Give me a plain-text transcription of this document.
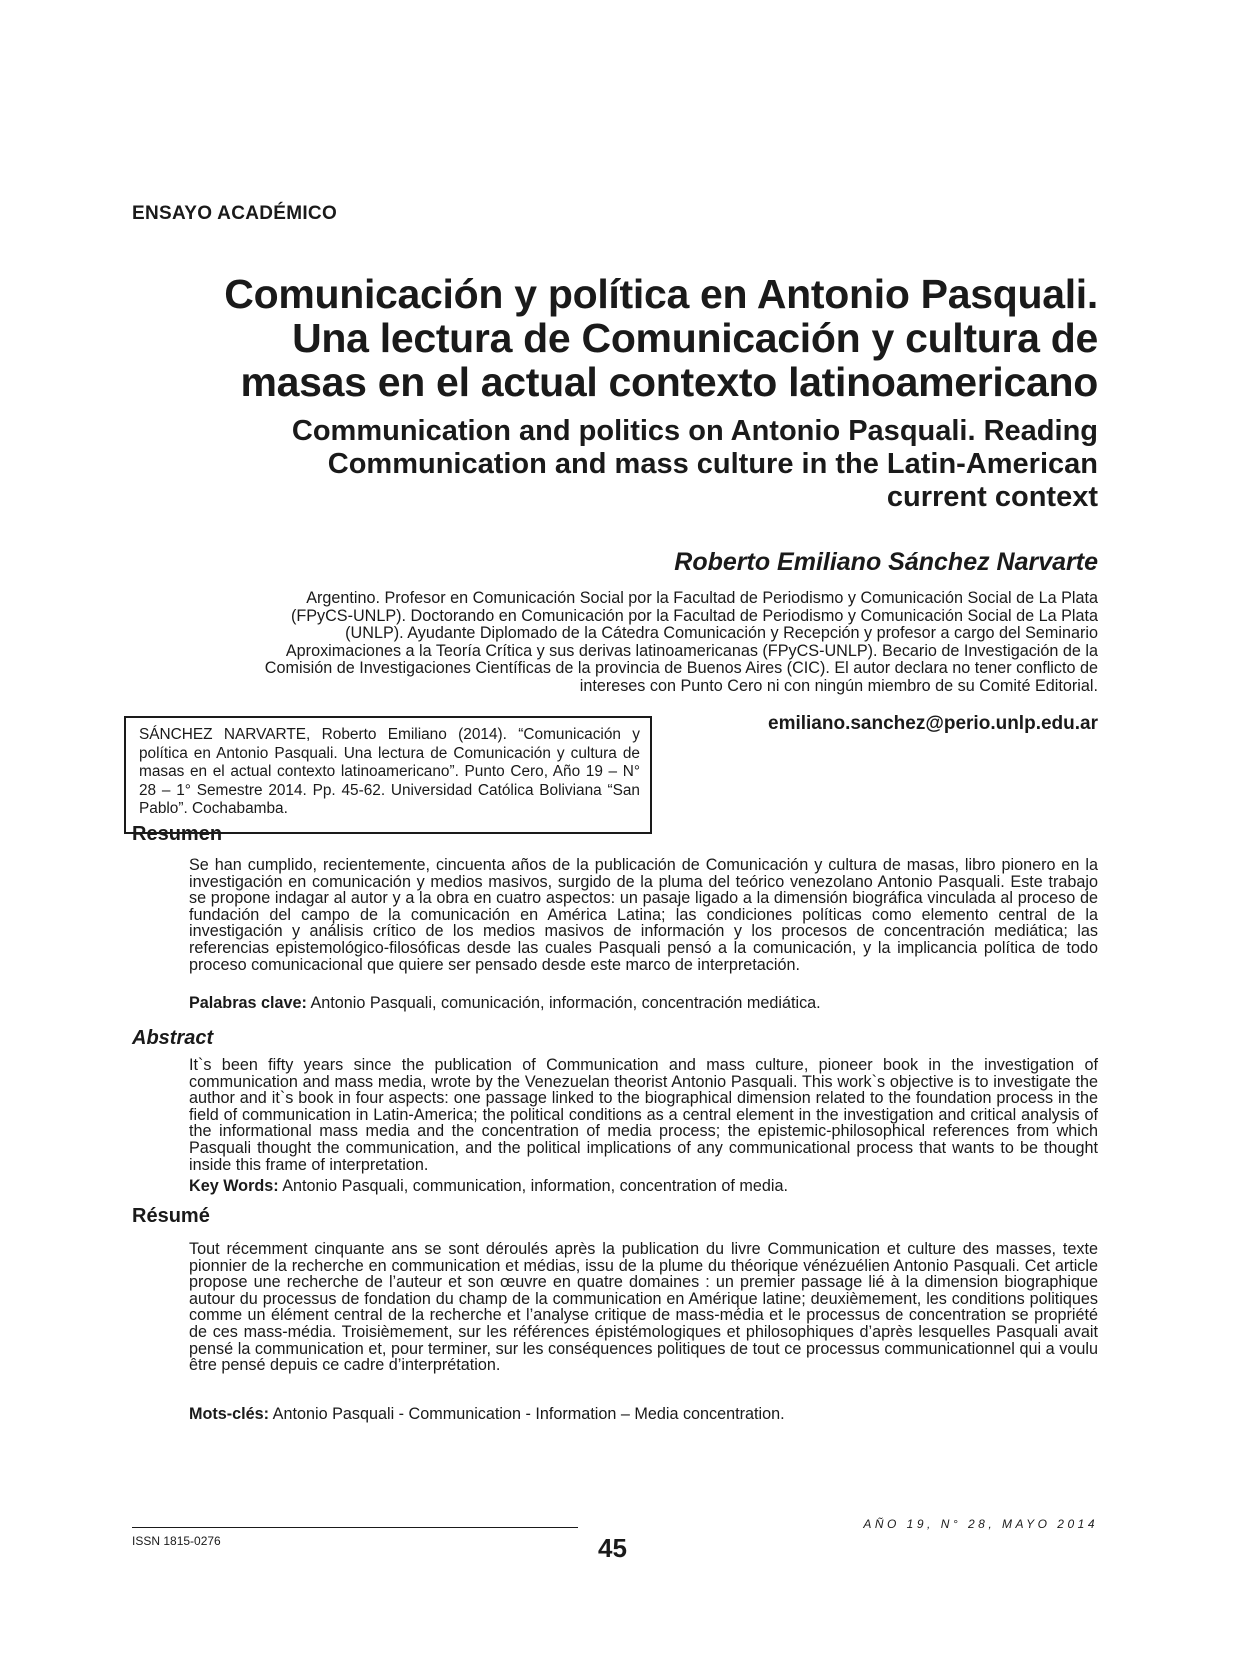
ENSAYO ACADÉMICO
Comunicación y política en Antonio Pasquali.
Una lectura de Comunicación y cultura de
masas en el actual contexto latinoamericano
Communication and politics on Antonio Pasquali. Reading
Communication and mass culture in the Latin-American
current context
Roberto Emiliano Sánchez Narvarte
Argentino. Profesor en Comunicación Social por la Facultad de Periodismo y Comunicación Social de La Plata
(FPyCS-UNLP). Doctorando en Comunicación por la Facultad de Periodismo y Comunicación Social de La Plata
(UNLP). Ayudante Diplomado de la Cátedra Comunicación y Recepción y profesor a cargo del Seminario
Aproximaciones a la Teoría Crítica y sus derivas latinoamericanas (FPyCS-UNLP). Becario de Investigación de la
Comisión de Investigaciones Científicas de la provincia de Buenos Aires (CIC). El autor declara no tener conflicto de
intereses con Punto Cero ni con ningún miembro de su Comité Editorial.
SÁNCHEZ NARVARTE, Roberto Emiliano (2014). “Comunicación y política en Antonio Pasquali. Una lectura de Comunicación y cultura de masas en el actual contexto latinoamericano”. Punto Cero, Año 19 – N° 28 – 1° Semestre 2014. Pp. 45-62. Universidad Católica Boliviana “San Pablo”. Cochabamba.
emiliano.sanchez@perio.unlp.edu.ar
Resumen
Se han cumplido, recientemente, cincuenta años de la publicación de Comunicación y cultura de masas, libro pionero en la investigación en comunicación y medios masivos, surgido de la pluma del teórico venezolano Antonio Pasquali. Este trabajo se propone indagar al autor y a la obra en cuatro aspectos: un pasaje ligado a la dimensión biográfica vinculada al proceso de fundación del campo de la comunicación en América Latina; las condiciones políticas como elemento central de la investigación y análisis crítico de los medios masivos de información y los procesos de concentración mediática; las referencias epistemológico-filosóficas desde las cuales Pasquali pensó a la comunicación, y la implicancia política de todo proceso comunicacional que quiere ser pensado desde este marco de interpretación.
Palabras clave: Antonio Pasquali, comunicación, información, concentración mediática.
Abstract
It`s been fifty years since the publication of Communication and mass culture, pioneer book in the investigation of communication and mass media, wrote by the Venezuelan theorist Antonio Pasquali. This work`s objective is to investigate the author and it`s book in four aspects: one passage linked to the biographical dimension related to the foundation process in the field of communication in Latin-America; the political conditions as a central element in the investigation and critical analysis of the informational mass media and the concentration of media process; the epistemic-philosophical references from which Pasquali thought the communication, and the political implications of any communicational process that wants to be thought inside this frame of interpretation.
Key Words: Antonio Pasquali, communication, information, concentration of media.
Résumé
Tout récemment cinquante ans se sont déroulés après la publication du livre Communication et culture des masses, texte pionnier de la recherche en communication et médias, issu de la plume du théorique vénézuélien Antonio Pasquali. Cet article propose une recherche de l’auteur et son œuvre en quatre domaines : un premier passage lié à la dimension biographique autour du processus de fondation du champ de la communication en Amérique latine; deuxièmement, les conditions politiques comme un élément central de la recherche et l’analyse critique de mass-média et le processus de concentration se propriété de ces mass-média. Troisièmement, sur les références épistémologiques et philosophiques d’après lesquelles Pasquali avait pensé la communication et, pour terminer, sur les conséquences politiques de tout ce processus communicationnel qui a voulu être pensé depuis ce cadre d’interprétation.
Mots-clés: Antonio Pasquali - Communication - Information – Media concentration.
ISSN 1815-0276	45
AÑO 19, N° 28, MAYO 2014
